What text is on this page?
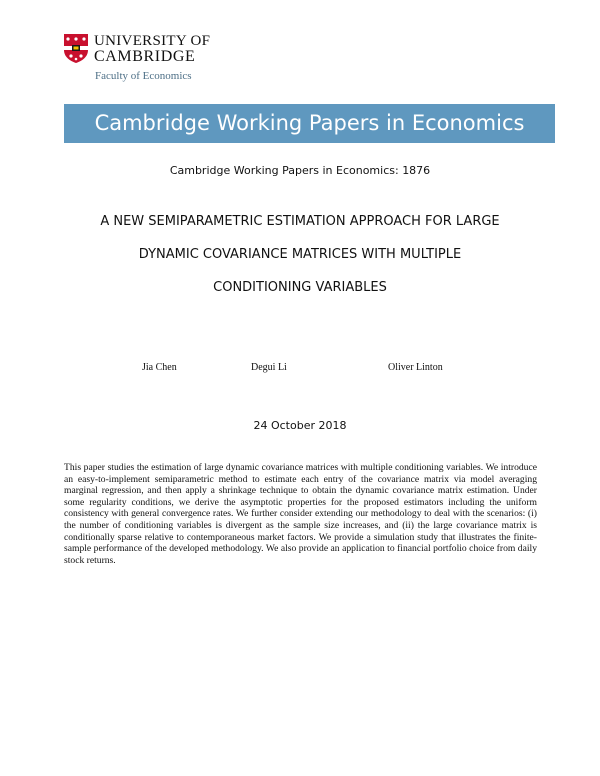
UNIVERSITY OF
CAMBRIDGE
Faculty of Economics
Cambridge Working Papers in Economics
Cambridge Working Papers in Economics: 1876
A NEW SEMIPARAMETRIC ESTIMATION APPROACH FOR LARGE
DYNAMIC COVARIANCE MATRICES WITH MULTIPLE
CONDITIONING VARIABLES
Jia Chen	Degui Li	Oliver Linton
24 October 2018
This paper studies the estimation of large dynamic covariance matrices with multiple conditioning variables. We introduce an easy-to-implement semiparametric method to estimate each entry of the covariance matrix via model averaging marginal regression, and then apply a shrinkage technique to obtain the dynamic covariance matrix estimation. Under some regularity conditions, we derive the asymptotic properties for the proposed estimators including the uniform consistency with general convergence rates. We further consider extending our methodology to deal with the scenarios: (i) the number of conditioning variables is divergent as the sample size increases, and (ii) the large covariance matrix is conditionally sparse relative to contemporaneous market factors. We provide a simulation study that illustrates the finite-sample performance of the developed methodology. We also provide an application to financial portfolio choice from daily stock returns.
